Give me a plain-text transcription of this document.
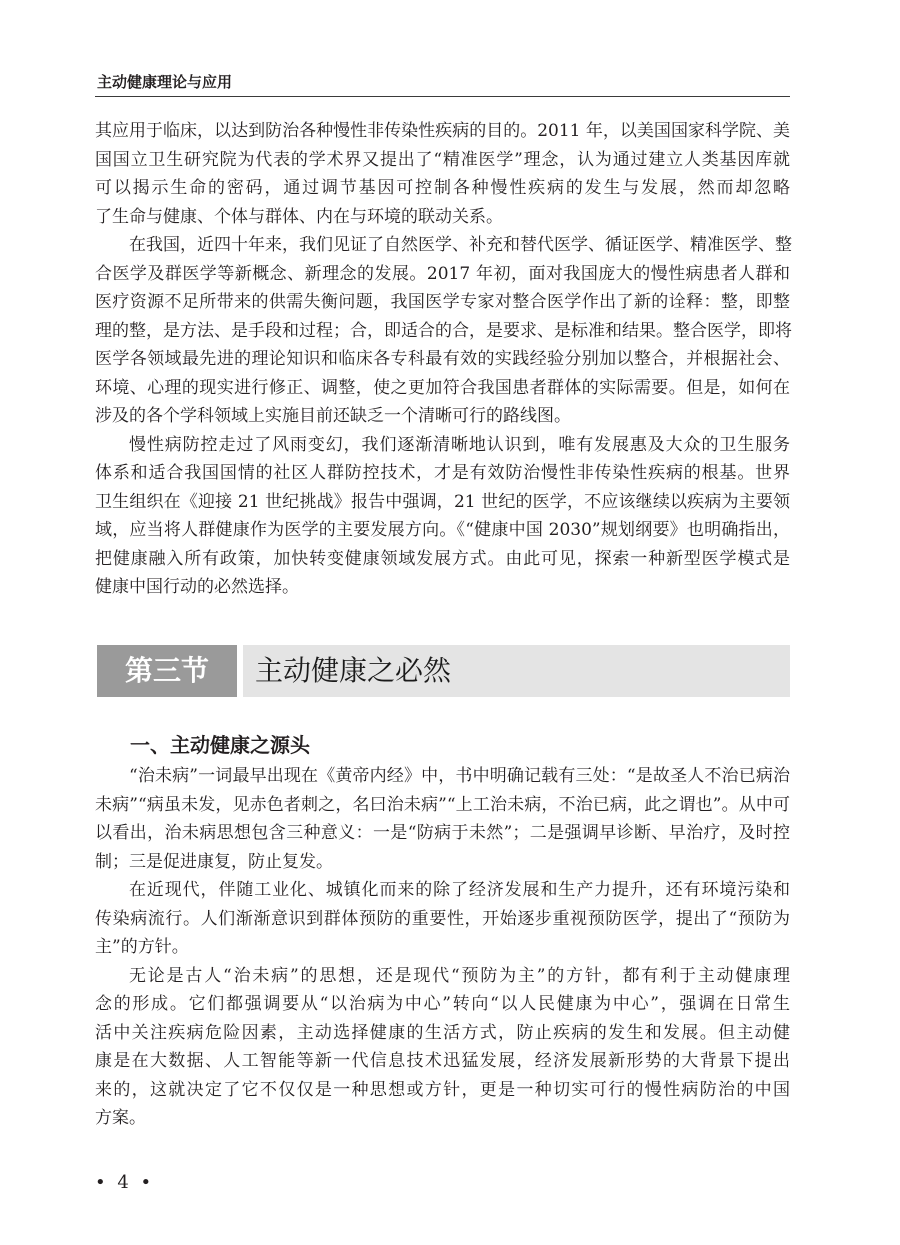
主动健康理论与应用
其应用于临床，以达到防治各种慢性非传染性疾病的目的。2011 年，以美国国家科学院、美
国国立卫生研究院为代表的学术界又提出了“精准医学”理念，认为通过建立人类基因库就
可以揭示生命的密码，通过调节基因可控制各种慢性疾病的发生与发展，然而却忽略
了生命与健康、个体与群体、内在与环境的联动关系。
在我国，近四十年来，我们见证了自然医学、补充和替代医学、循证医学、精准医学、整
合医学及群医学等新概念、新理念的发展。2017 年初，面对我国庞大的慢性病患者人群和
医疗资源不足所带来的供需失衡问题，我国医学专家对整合医学作出了新的诠释：整，即整
理的整，是方法、是手段和过程；合，即适合的合，是要求、是标准和结果。整合医学，即将
医学各领域最先进的理论知识和临床各专科最有效的实践经验分别加以整合，并根据社会、
环境、心理的现实进行修正、调整，使之更加符合我国患者群体的实际需要。但是，如何在
涉及的各个学科领域上实施目前还缺乏一个清晰可行的路线图。
慢性病防控走过了风雨变幻，我们逐渐清晰地认识到，唯有发展惠及大众的卫生服务
体系和适合我国国情的社区人群防控技术，才是有效防治慢性非传染性疾病的根基。世界
卫生组织在《迎接 21 世纪挑战》报告中强调，21 世纪的医学，不应该继续以疾病为主要领
域，应当将人群健康作为医学的主要发展方向。《“健康中国 2030”规划纲要》也明确指出，
把健康融入所有政策，加快转变健康领域发展方式。由此可见，探索一种新型医学模式是
健康中国行动的必然选择。
第三节	主动健康之必然
一、主动健康之源头
“治未病”一词最早出现在《黄帝内经》中，书中明确记载有三处：“是故圣人不治已病治
未病”“病虽未发，见赤色者刺之，名曰治未病”“上工治未病，不治已病，此之谓也”。从中可
以看出，治未病思想包含三种意义：一是“防病于未然”；二是强调早诊断、早治疗，及时控
制；三是促进康复，防止复发。
在近现代，伴随工业化、城镇化而来的除了经济发展和生产力提升，还有环境污染和
传染病流行。人们渐渐意识到群体预防的重要性，开始逐步重视预防医学，提出了“预防为
主”的方针。
无论是古人“治未病”的思想，还是现代“预防为主”的方针，都有利于主动健康理
念的形成。它们都强调要从“以治病为中心”转向“以人民健康为中心”，强调在日常生
活中关注疾病危险因素，主动选择健康的生活方式，防止疾病的发生和发展。但主动健
康是在大数据、人工智能等新一代信息技术迅猛发展，经济发展新形势的大背景下提出
来的，这就决定了它不仅仅是一种思想或方针，更是一种切实可行的慢性病防治的中国
方案。
• 4 •
